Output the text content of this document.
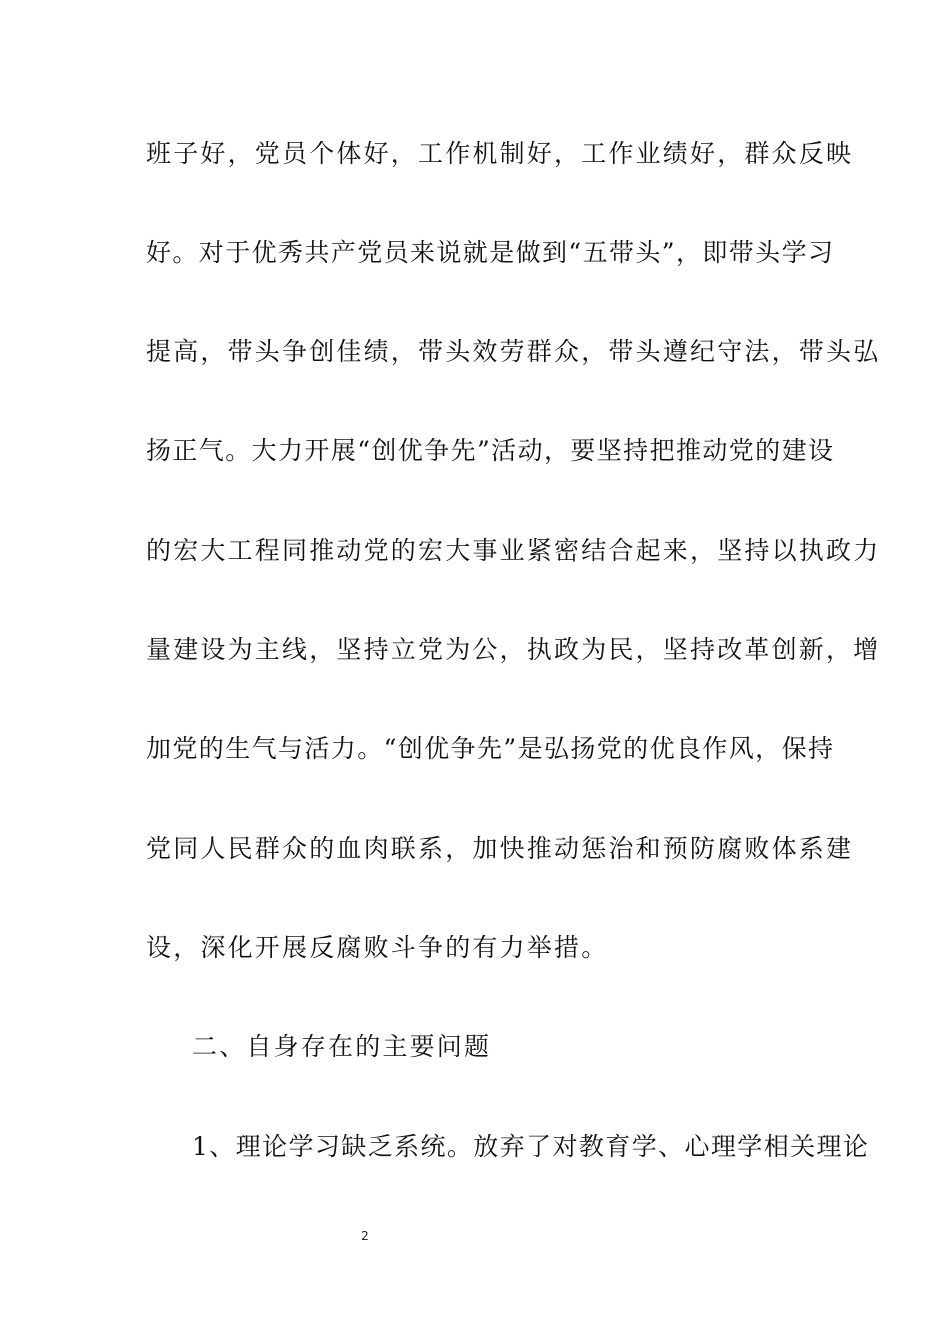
班子好，党员个体好，工作机制好，工作业绩好，群众反映
好。对于优秀共产党员来说就是做到“五带头”，即带头学习
提高，带头争创佳绩，带头效劳群众，带头遵纪守法，带头弘
扬正气。大力开展“创优争先”活动，要坚持把推动党的建设
的宏大工程同推动党的宏大事业紧密结合起来，坚持以执政力
量建设为主线，坚持立党为公，执政为民，坚持改革创新，增
加党的生气与活力。“创优争先”是弘扬党的优良作风，保持
党同人民群众的血肉联系，加快推动惩治和预防腐败体系建
设，深化开展反腐败斗争的有力举措。
二、自身存在的主要问题
1、理论学习缺乏系统。放弃了对教育学、心理学相关理论
2
